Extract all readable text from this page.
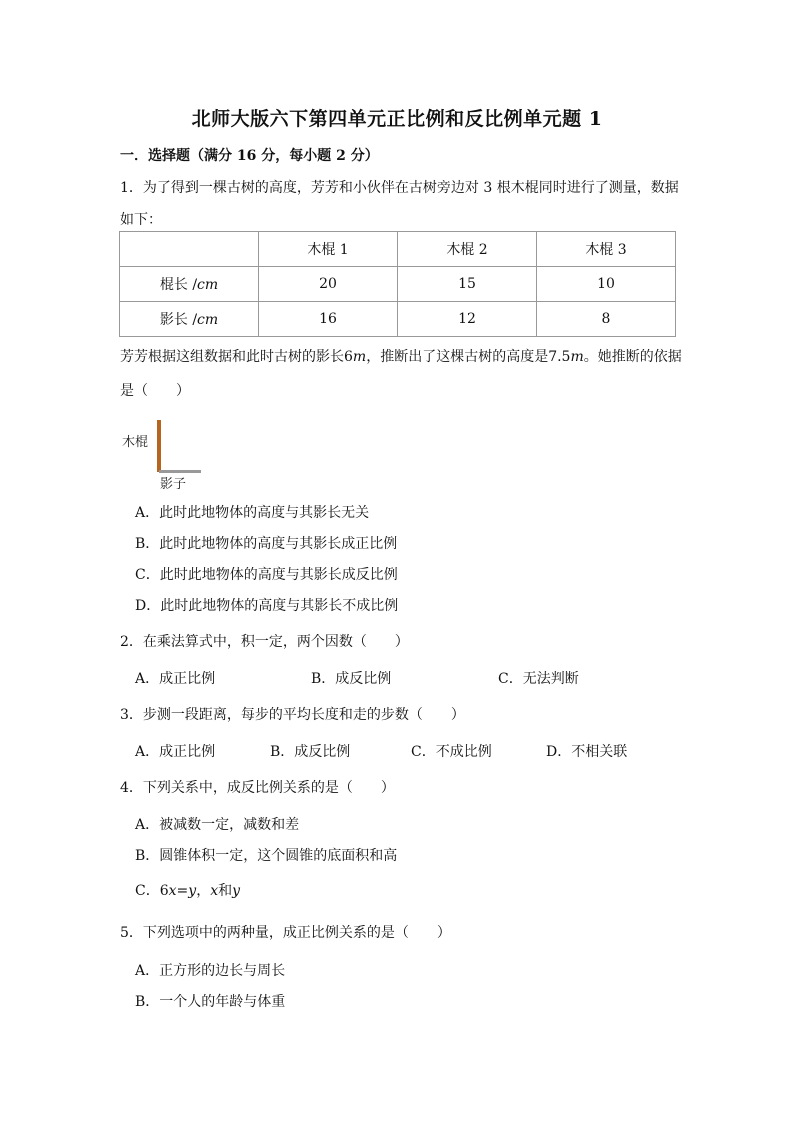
北师大版六下第四单元正比例和反比例单元题 1
一．选择题（满分 16 分，每小题 2 分）
1．为了得到一棵古树的高度，芳芳和小伙伴在古树旁边对 3 根木棍同时进行了测量，数据
如下：
	木棍 1	木棍 2	木棍 3
棍长 /cm	20	15	10
影长 /cm	16	12	8
芳芳根据这组数据和此时古树的影长6m，推断出了这棵古树的高度是7.5m。她推断的依据
是（　　）
木棍
影子
A．此时此地物体的高度与其影长无关
B．此时此地物体的高度与其影长成正比例
C．此时此地物体的高度与其影长成反比例
D．此时此地物体的高度与其影长不成比例
2．在乘法算式中，积一定，两个因数（　　）
A．成正比例	B．成反比例	C．无法判断
3．步测一段距离，每步的平均长度和走的步数（　　）
A．成正比例	B．成反比例	C．不成比例	D．不相关联
4．下列关系中，成反比例关系的是（　　）
A．被减数一定，减数和差
B．圆锥体积一定，这个圆锥的底面积和高
C．6x=y，x和y
5．下列选项中的两种量，成正比例关系的是（　　）
A．正方形的边长与周长
B．一个人的年龄与体重
